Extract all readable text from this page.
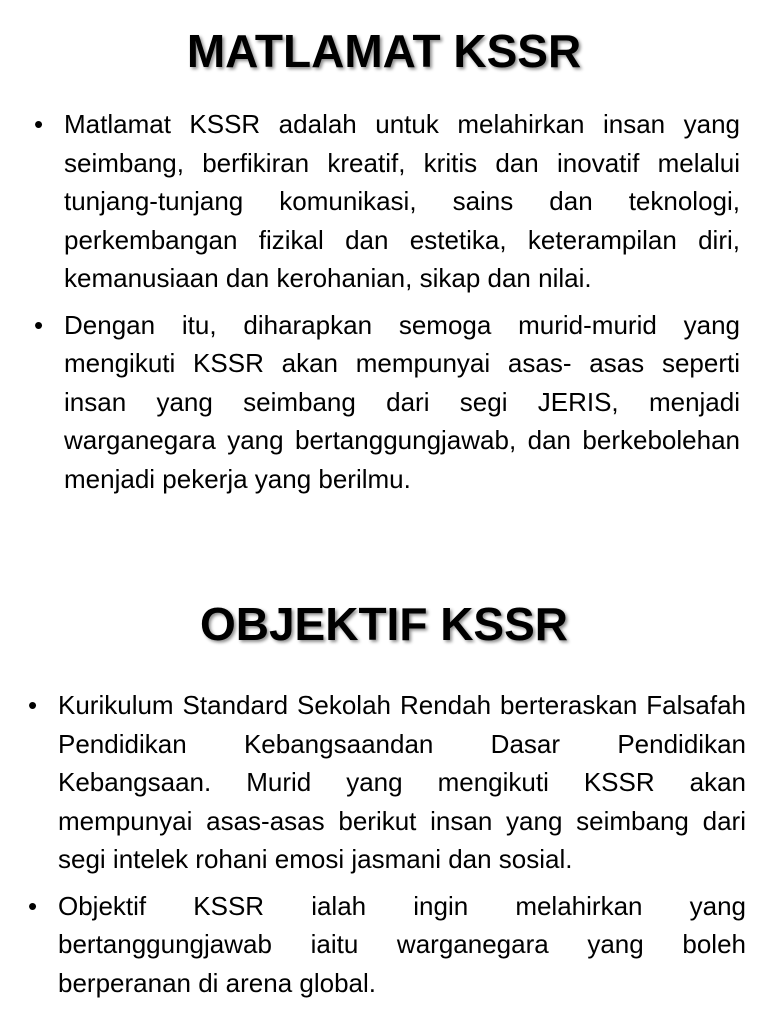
MATLAMAT KSSR
• Matlamat KSSR adalah untuk melahirkan insan yang seimbang, berfikiran kreatif, kritis dan inovatif melalui tunjang-tunjang komunikasi, sains dan teknologi, perkembangan fizikal dan estetika, keterampilan diri, kemanusiaan dan kerohanian, sikap dan nilai.
• Dengan itu, diharapkan semoga murid-murid yang mengikuti KSSR akan mempunyai asas- asas seperti insan yang seimbang dari segi JERIS, menjadi warganegara yang bertanggungjawab, dan berkebolehan menjadi pekerja yang berilmu.
OBJEKTIF KSSR
• Kurikulum Standard Sekolah Rendah berteraskan Falsafah Pendidikan Kebangsaandan Dasar Pendidikan Kebangsaan. Murid yang mengikuti KSSR akan mempunyai asas-asas berikut insan yang seimbang dari segi intelek rohani emosi jasmani dan sosial.
• Objektif KSSR ialah ingin melahirkan yang bertanggungjawab iaitu warganegara yang boleh berperanan di arena global.
